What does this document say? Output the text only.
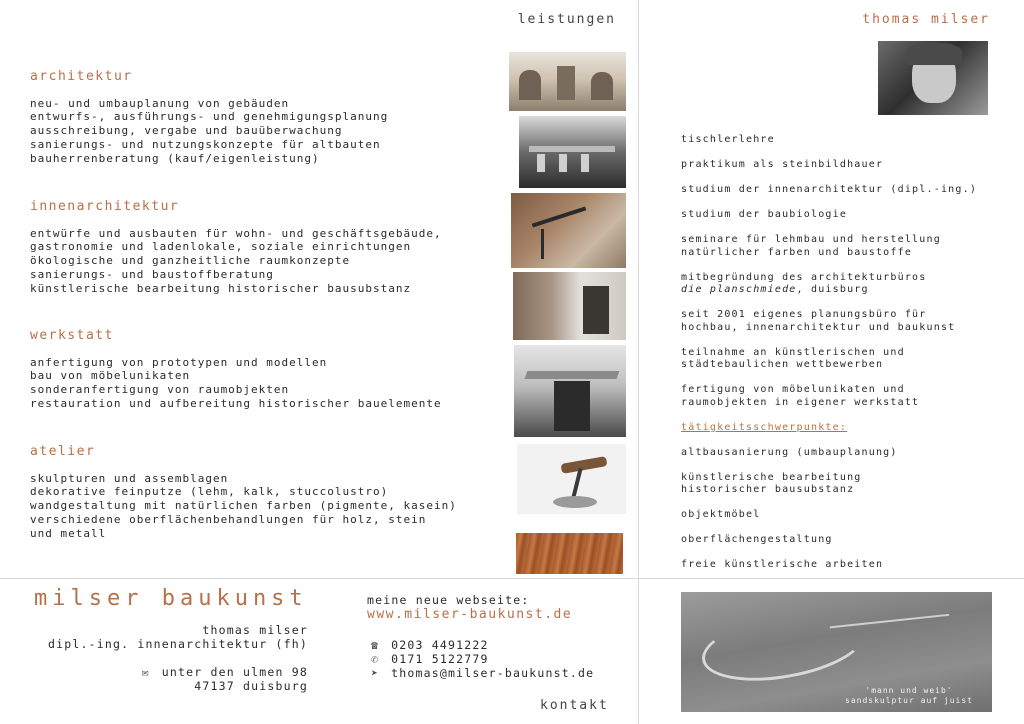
leistungen	thomas milser
architektur
neu- und umbauplanung von gebäuden
entwurfs-, ausführungs- und genehmigungsplanung
ausschreibung, vergabe und bauüberwachung
sanierungs- und nutzungskonzepte für altbauten
bauherrenberatung (kauf/eigenleistung)
innenarchitektur
entwürfe und ausbauten für wohn- und geschäftsgebäude,
gastronomie und ladenlokale, soziale einrichtungen
ökologische und ganzheitliche raumkonzepte
sanierungs- und baustoffberatung
künstlerische bearbeitung historischer bausubstanz
werkstatt
anfertigung von prototypen und modellen
bau von möbelunikaten
sonderanfertigung von raumobjekten
restauration und aufbereitung historischer bauelemente
atelier
skulpturen und assemblagen
dekorative feinputze (lehm, kalk, stuccolustro)
wandgestaltung mit natürlichen farben (pigmente, kasein)
verschiedene oberflächenbehandlungen für holz, stein
und metall
tischlerlehre
praktikum als steinbildhauer
studium der innenarchitektur (dipl.-ing.)
studium der baubiologie
seminare für lehmbau und herstellung
natürlicher farben und baustoffe
mitbegründung des architekturbüros
die planschmiede, duisburg
seit 2001 eigenes planungsbüro für
hochbau, innenarchitektur und baukunst
teilnahme an künstlerischen und
städtebaulichen wettbewerben
fertigung von möbelunikaten und
raumobjekten in eigener werkstatt
tätigkeitsschwerpunkte:
altbausanierung (umbauplanung)
künstlerische bearbeitung
historischer bausubstanz
objektmöbel
oberflächengestaltung
freie künstlerische arbeiten
milser baukunst
thomas milser
dipl.-ing. innenarchitektur (fh)
✉ unter den ulmen 98
47137 duisburg
meine neue webseite:
www.milser-baukunst.de
☎ 0203 4491222
✆ 0171 5122779
➤ thomas@milser-baukunst.de
kontakt
'mann und weib'
sandskulptur auf juist
